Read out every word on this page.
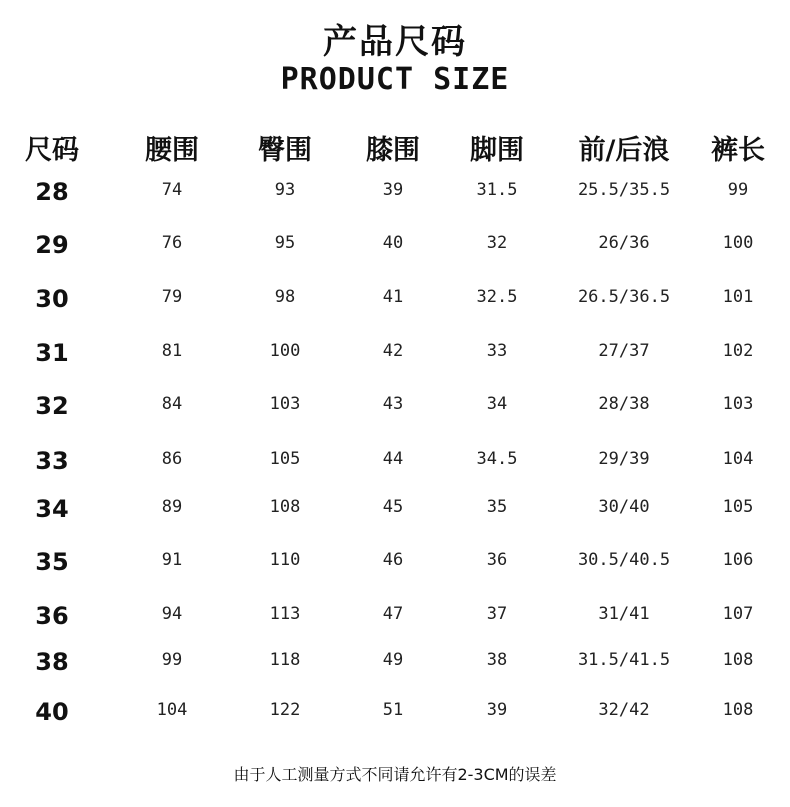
产品尺码
PRODUCT SIZE
尺码 腰围 臀围 膝围 脚围 前/后浪 裤长
28	74	93	39	31.5	25.5/35.5	99
29	76	95	40	32	26/36	100
30	79	98	41	32.5	26.5/36.5	101
31	81	100	42	33	27/37	102
32	84	103	43	34	28/38	103
33	86	105	44	34.5	29/39	104
34	89	108	45	35	30/40	105
35	91	110	46	36	30.5/40.5	106
36	94	113	47	37	31/41	107
38	99	118	49	38	31.5/41.5	108
40	104	122	51	39	32/42	108
由于人工测量方式不同请允许有2-3CM的误差
